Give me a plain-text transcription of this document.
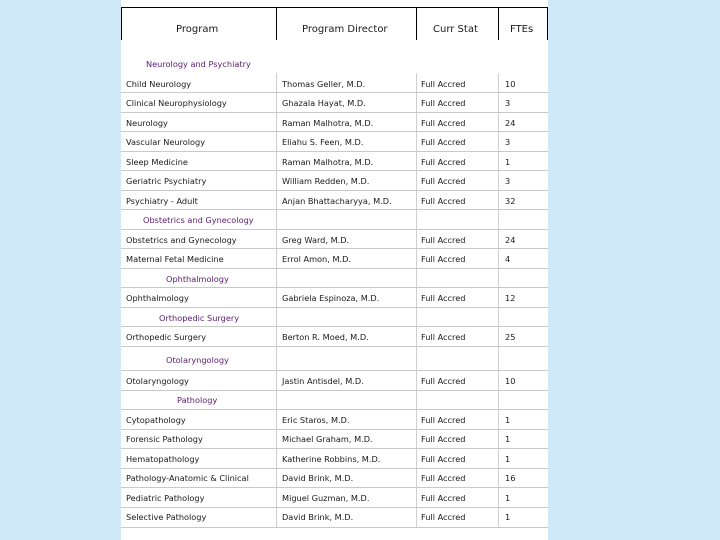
Program	Program Director	Curr Stat	FTEs
Neurology and Psychiatry
Child Neurology	Thomas Geller, M.D.	Full Accred	10
Clinical Neurophysiology	Ghazala Hayat, M.D.	Full Accred	3
Neurology	Raman Malhotra, M.D.	Full Accred	24
Vascular Neurology	Eliahu S. Feen, M.D.	Full Accred	3
Sleep Medicine	Raman Malhotra, M.D.	Full Accred	1
Geriatric Psychiatry	William Redden, M.D.	Full Accred	3
Psychiatry - Adult	Anjan Bhattacharyya, M.D.	Full Accred	32
Obstetrics and Gynecology
Obstetrics and Gynecology	Greg Ward, M.D.	Full Accred	24
Maternal Fetal Medicine	Errol Amon, M.D.	Full Accred	4
Ophthalmology
Ophthalmology	Gabriela Espinoza, M.D.	Full Accred	12
Orthopedic Surgery
Orthopedic Surgery	Berton R. Moed, M.D.	Full Accred	25
Otolaryngology
Otolaryngology	Jastin Antisdel, M.D.	Full Accred	10
Pathology
Cytopathology	Eric Staros, M.D.	Full Accred	1
Forensic Pathology	Michael Graham, M.D.	Full Accred	1
Hematopathology	Katherine Robbins, M.D.	Full Accred	1
Pathology-Anatomic & Clinical	David Brink, M.D.	Full Accred	16
Pediatric Pathology	Miguel Guzman, M.D.	Full Accred	1
Selective Pathology	David Brink, M.D.	Full Accred	1
